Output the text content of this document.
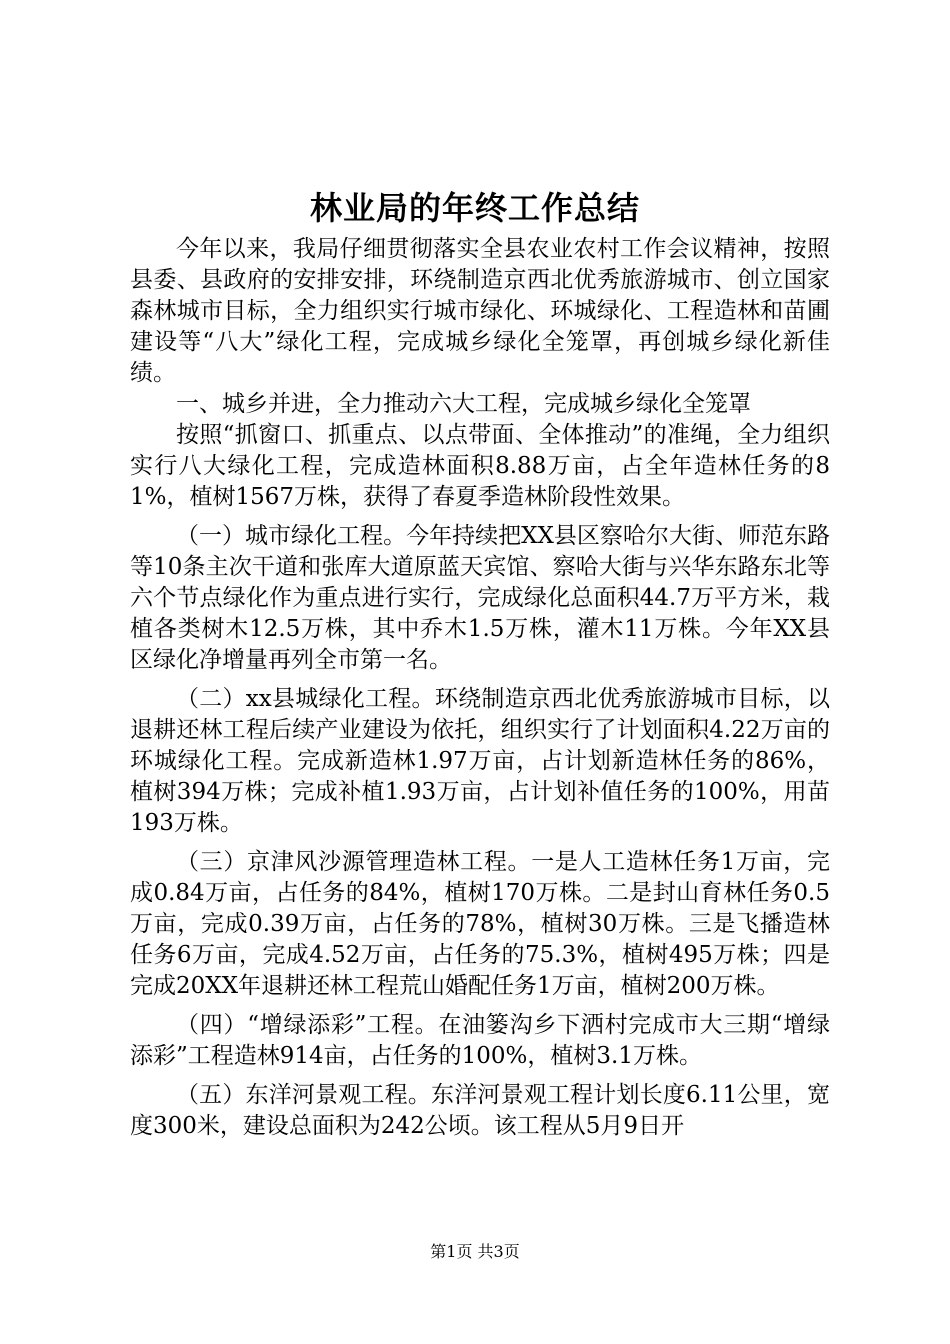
林业局的年终工作总结

今年以来，我局仔细贯彻落实全县农业农村工作会议精神，按照县委、县政府的安排安排，环绕制造京西北优秀旅游城市、创立国家森林城市目标，全力组织实行城市绿化、环城绿化、工程造林和苗圃建设等“八大”绿化工程，完成城乡绿化全笼罩，再创城乡绿化新佳绩。

一、城乡并进，全力推动六大工程，完成城乡绿化全笼罩

按照“抓窗口、抓重点、以点带面、全体推动”的准绳，全力组织实行八大绿化工程，完成造林面积8.88万亩，占全年造林任务的81%，植树1567万株，获得了春夏季造林阶段性效果。

（一）城市绿化工程。今年持续把XX县区察哈尔大街、师范东路等10条主次干道和张库大道原蓝天宾馆、察哈大街与兴华东路东北等六个节点绿化作为重点进行实行，完成绿化总面积44.7万平方米，栽植各类树木12.5万株，其中乔木1.5万株，灌木11万株。今年XX县区绿化净增量再列全市第一名。

（二）xx县城绿化工程。环绕制造京西北优秀旅游城市目标，以退耕还林工程后续产业建设为依托，组织实行了计划面积4.22万亩的环城绿化工程。完成新造林1.97万亩，占计划新造林任务的86%，植树394万株；完成补植1.93万亩，占计划补值任务的100%，用苗193万株。

（三）京津风沙源管理造林工程。一是人工造林任务1万亩，完成0.84万亩，占任务的84%，植树170万株。二是封山育林任务0.5万亩，完成0.39万亩，占任务的78%，植树30万株。三是飞播造林任务6万亩，完成4.52万亩，占任务的75.3%，植树495万株；四是完成20XX年退耕还林工程荒山婚配任务1万亩，植树200万株。

（四）“增绿添彩”工程。在油篓沟乡下洒村完成市大三期“增绿添彩”工程造林914亩，占任务的100%，植树3.1万株。

（五）东洋河景观工程。东洋河景观工程计划长度6.11公里，宽度300米，建设总面积为242公顷。该工程从5月9日开

第1页 共3页
